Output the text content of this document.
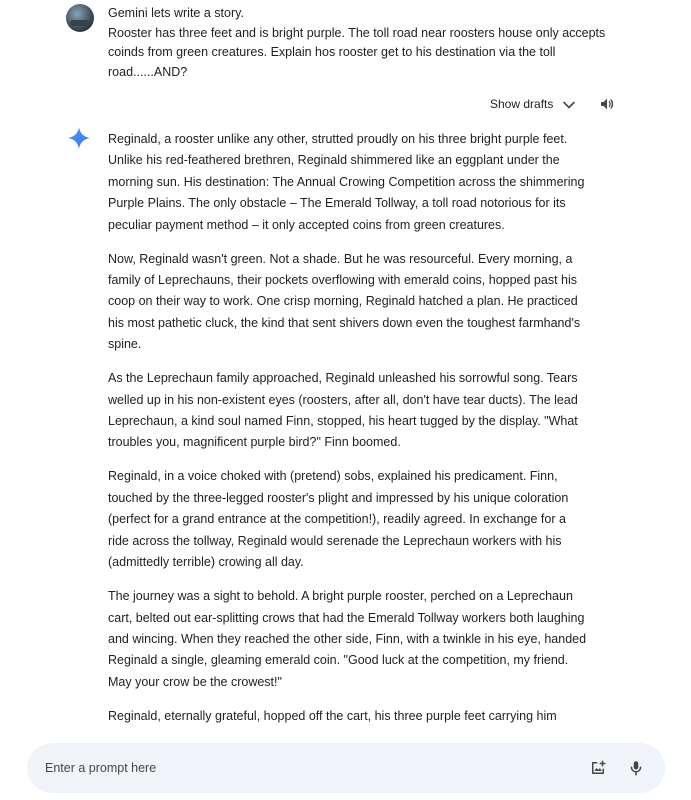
Gemini lets write a story.

Rooster has three feet and is bright purple. The toll road near roosters house only accepts coinds from green creatures. Explain hos rooster get to his destination via the toll road......AND?

Show drafts

Reginald, a rooster unlike any other, strutted proudly on his three bright purple feet. Unlike his red-feathered brethren, Reginald shimmered like an eggplant under the morning sun. His destination: The Annual Crowing Competition across the shimmering Purple Plains. The only obstacle – The Emerald Tollway, a toll road notorious for its peculiar payment method – it only accepted coins from green creatures.

Now, Reginald wasn't green. Not a shade. But he was resourceful. Every morning, a family of Leprechauns, their pockets overflowing with emerald coins, hopped past his coop on their way to work. One crisp morning, Reginald hatched a plan. He practiced his most pathetic cluck, the kind that sent shivers down even the toughest farmhand's spine.

As the Leprechaun family approached, Reginald unleashed his sorrowful song. Tears welled up in his non-existent eyes (roosters, after all, don't have tear ducts). The lead Leprechaun, a kind soul named Finn, stopped, his heart tugged by the display. "What troubles you, magnificent purple bird?" Finn boomed.

Reginald, in a voice choked with (pretend) sobs, explained his predicament. Finn, touched by the three-legged rooster's plight and impressed by his unique coloration (perfect for a grand entrance at the competition!), readily agreed. In exchange for a ride across the tollway, Reginald would serenade the Leprechaun workers with his (admittedly terrible) crowing all day.

The journey was a sight to behold. A bright purple rooster, perched on a Leprechaun cart, belted out ear-splitting crows that had the Emerald Tollway workers both laughing and wincing. When they reached the other side, Finn, with a twinkle in his eye, handed Reginald a single, gleaming emerald coin. "Good luck at the competition, my friend. May your crow be the crowest!"

Reginald, eternally grateful, hopped off the cart, his three purple feet carrying him

Enter a prompt here
